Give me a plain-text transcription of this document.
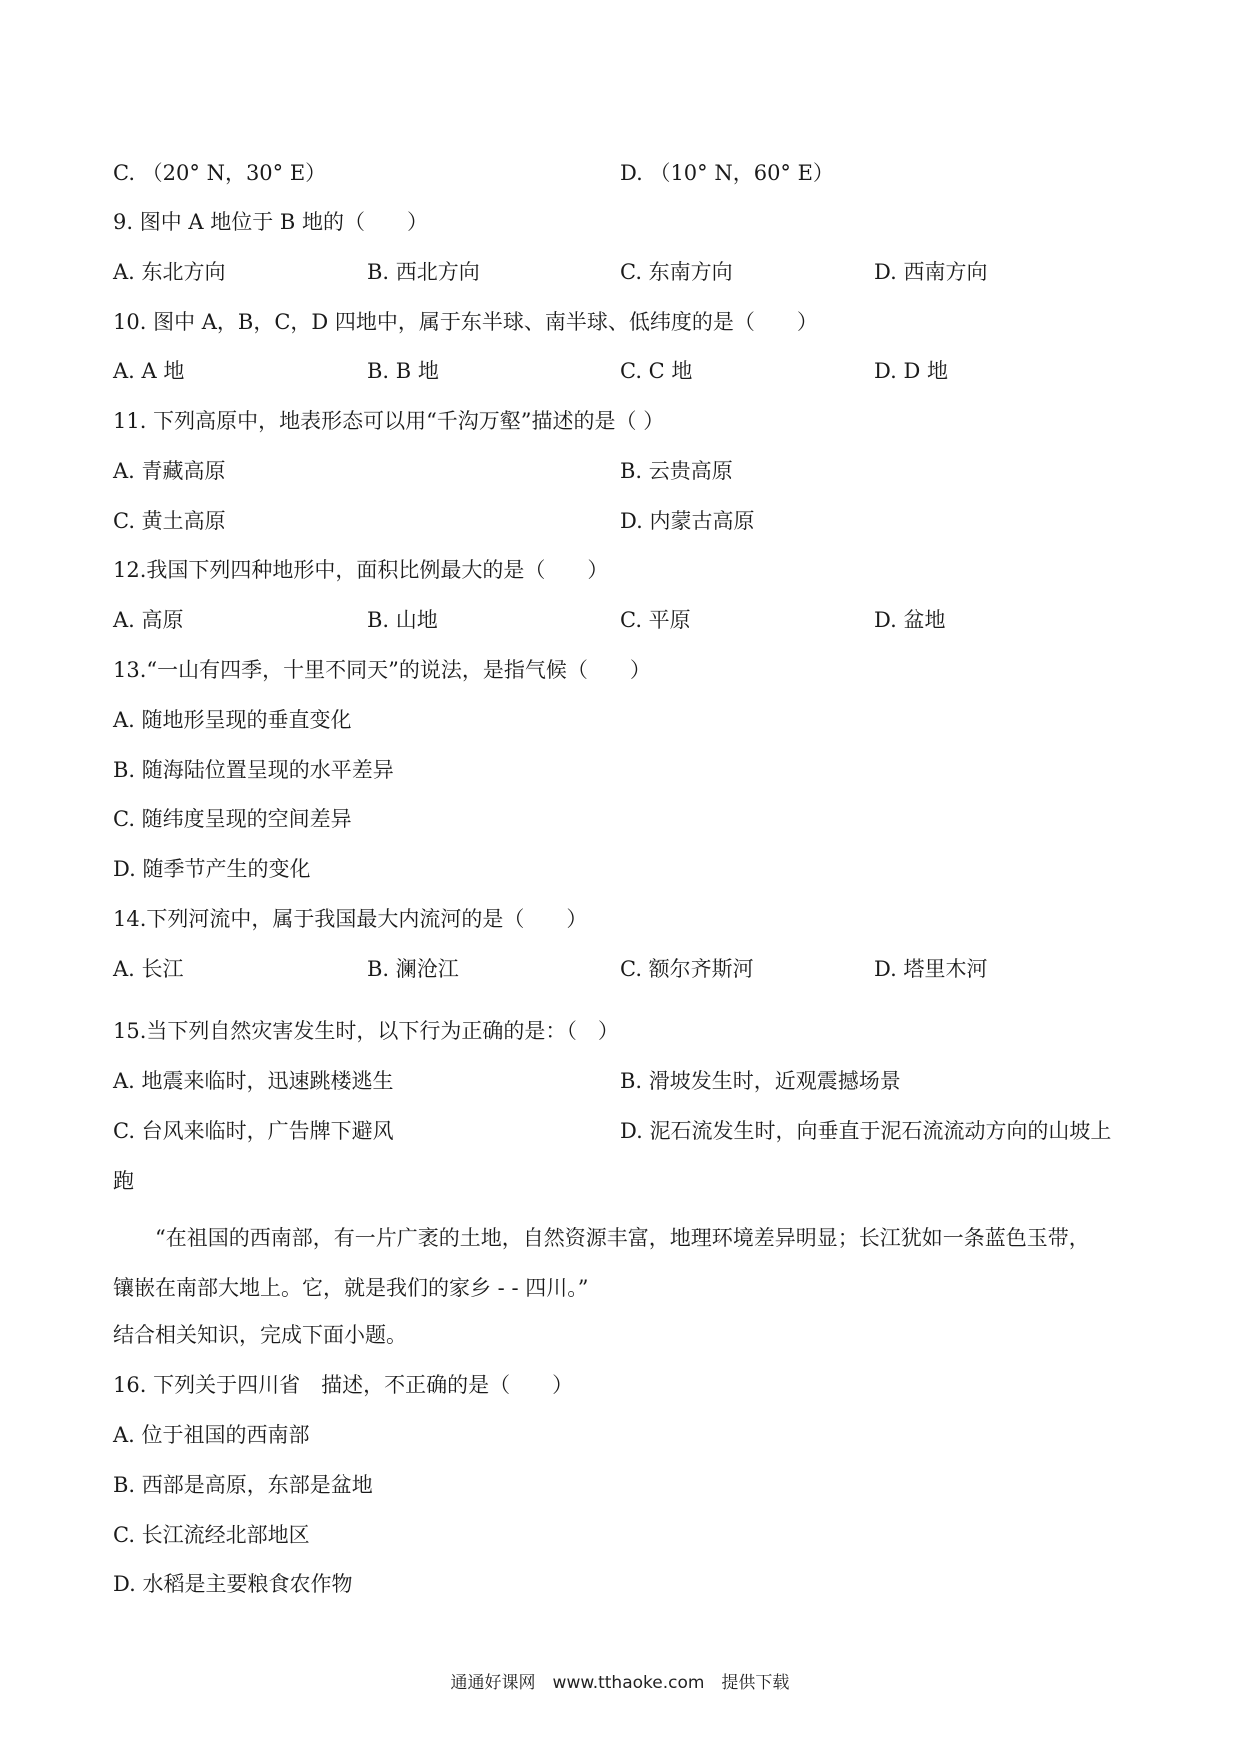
C. （20° N，30° E）	D. （10° N，60° E）
9. 图中 A 地位于 B 地的（　　）
A. 东北方向	B. 西北方向	C. 东南方向	D. 西南方向
10. 图中 A，B，C，D 四地中，属于东半球、南半球、低纬度的是（　　）
A. A 地	B. B 地	C. C 地	D. D 地
11. 下列高原中，地表形态可以用“千沟万壑”描述的是（ ）
A. 青藏高原	B. 云贵高原
C. 黄土高原	D. 内蒙古高原
12.我国下列四种地形中，面积比例最大的是（　　）
A. 高原	B. 山地	C. 平原	D. 盆地
13.“一山有四季，十里不同天”的说法，是指气候（　　）
A. 随地形呈现的垂直变化
B. 随海陆位置呈现的水平差异
C. 随纬度呈现的空间差异
D. 随季节产生的变化
14.下列河流中，属于我国最大内流河的是（　　）
A. 长江	B. 澜沧江	C. 额尔齐斯河	D. 塔里木河
15.当下列自然灾害发生时，以下行为正确的是：（　）
A. 地震来临时，迅速跳楼逃生	B. 滑坡发生时，近观震撼场景
C. 台风来临时，广告牌下避风	D. 泥石流发生时，向垂直于泥石流流动方向的山坡上
跑
“在祖国的西南部，有一片广袤的土地，自然资源丰富，地理环境差异明显；长江犹如一条蓝色玉带，
镶嵌在南部大地上。它，就是我们的家乡 - - 四川。”
结合相关知识，完成下面小题。
16. 下列关于四川省　描述，不正确的是（　　）
A. 位于祖国的西南部
B. 西部是高原，东部是盆地
C. 长江流经北部地区
D. 水稻是主要粮食农作物
通通好课网　www.tthaoke.com　提供下载
